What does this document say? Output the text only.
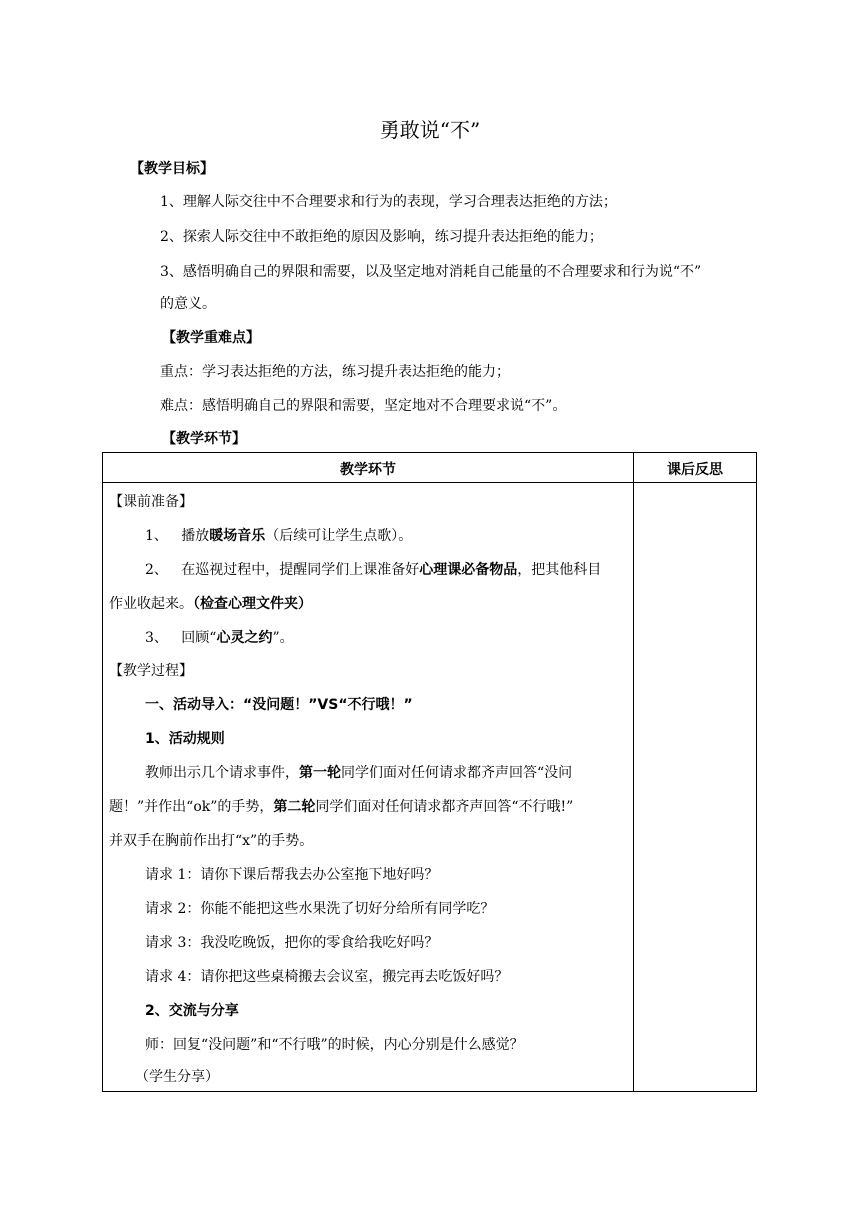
勇敢说“不”
【教学目标】
1、理解人际交往中不合理要求和行为的表现，学习合理表达拒绝的方法；
2、探索人际交往中不敢拒绝的原因及影响，练习提升表达拒绝的能力；
3、感悟明确自己的界限和需要，以及坚定地对消耗自己能量的不合理要求和行为说“不”
的意义。
【教学重难点】
重点：学习表达拒绝的方法，练习提升表达拒绝的能力；
难点：感悟明确自己的界限和需要，坚定地对不合理要求说“不”。
【教学环节】
教学环节	课后反思
【课前准备】
1、 播放暖场音乐（后续可让学生点歌）。
2、 在巡视过程中，提醒同学们上课准备好心理课必备物品，把其他科目
作业收起来。（检查心理文件夹）
3、 回顾“心灵之约”。
【教学过程】
一、活动导入：“没问题！”VS“不行哦！”
1、活动规则
教师出示几个请求事件，第一轮同学们面对任何请求都齐声回答“没问
题！”并作出“ok”的手势，第二轮同学们面对任何请求都齐声回答“不行哦!”
并双手在胸前作出打“x”的手势。
请求 1：请你下课后帮我去办公室拖下地好吗？
请求 2：你能不能把这些水果洗了切好分给所有同学吃？
请求 3：我没吃晚饭，把你的零食给我吃好吗？
请求 4：请你把这些桌椅搬去会议室，搬完再去吃饭好吗？
2、交流与分享
师：回复“没问题”和“不行哦”的时候，内心分别是什么感觉？
（学生分享）
